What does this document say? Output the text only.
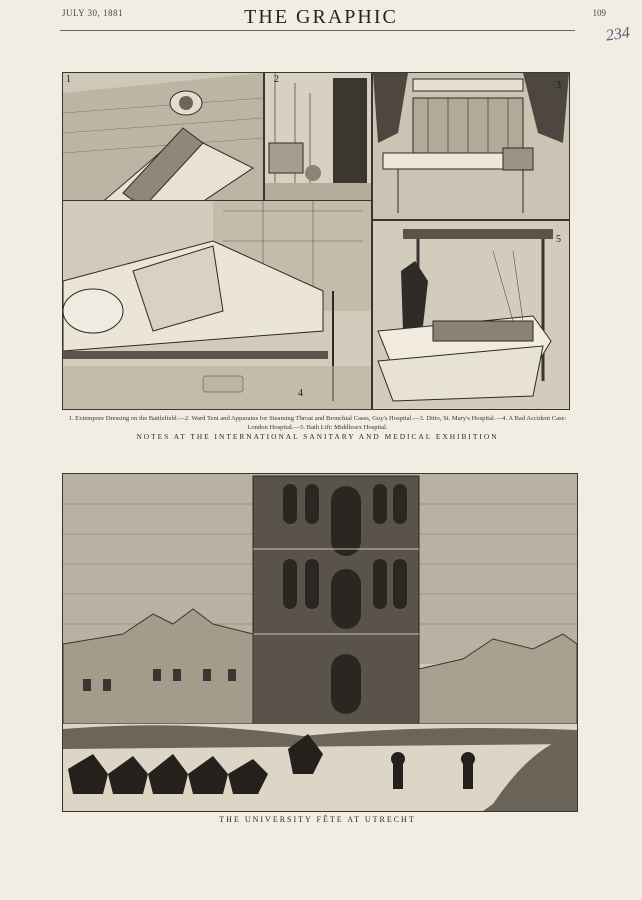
JULY 30, 1881	THE GRAPHIC	109
234
1	2
3
4
5
1. Extempore Dressing on the Battlefield.—2. Ward Tent and Apparatus for Steaming Throat and Bronchial Cases, Guy's Hospital.—3. Ditto, St. Mary's Hospital.—4. A Bad Accident Case: London Hospital.—5. Bath Lift: Middlesex Hospital.
NOTES AT THE INTERNATIONAL SANITARY AND MEDICAL EXHIBITION
THE UNIVERSITY FÊTE AT UTRECHT
